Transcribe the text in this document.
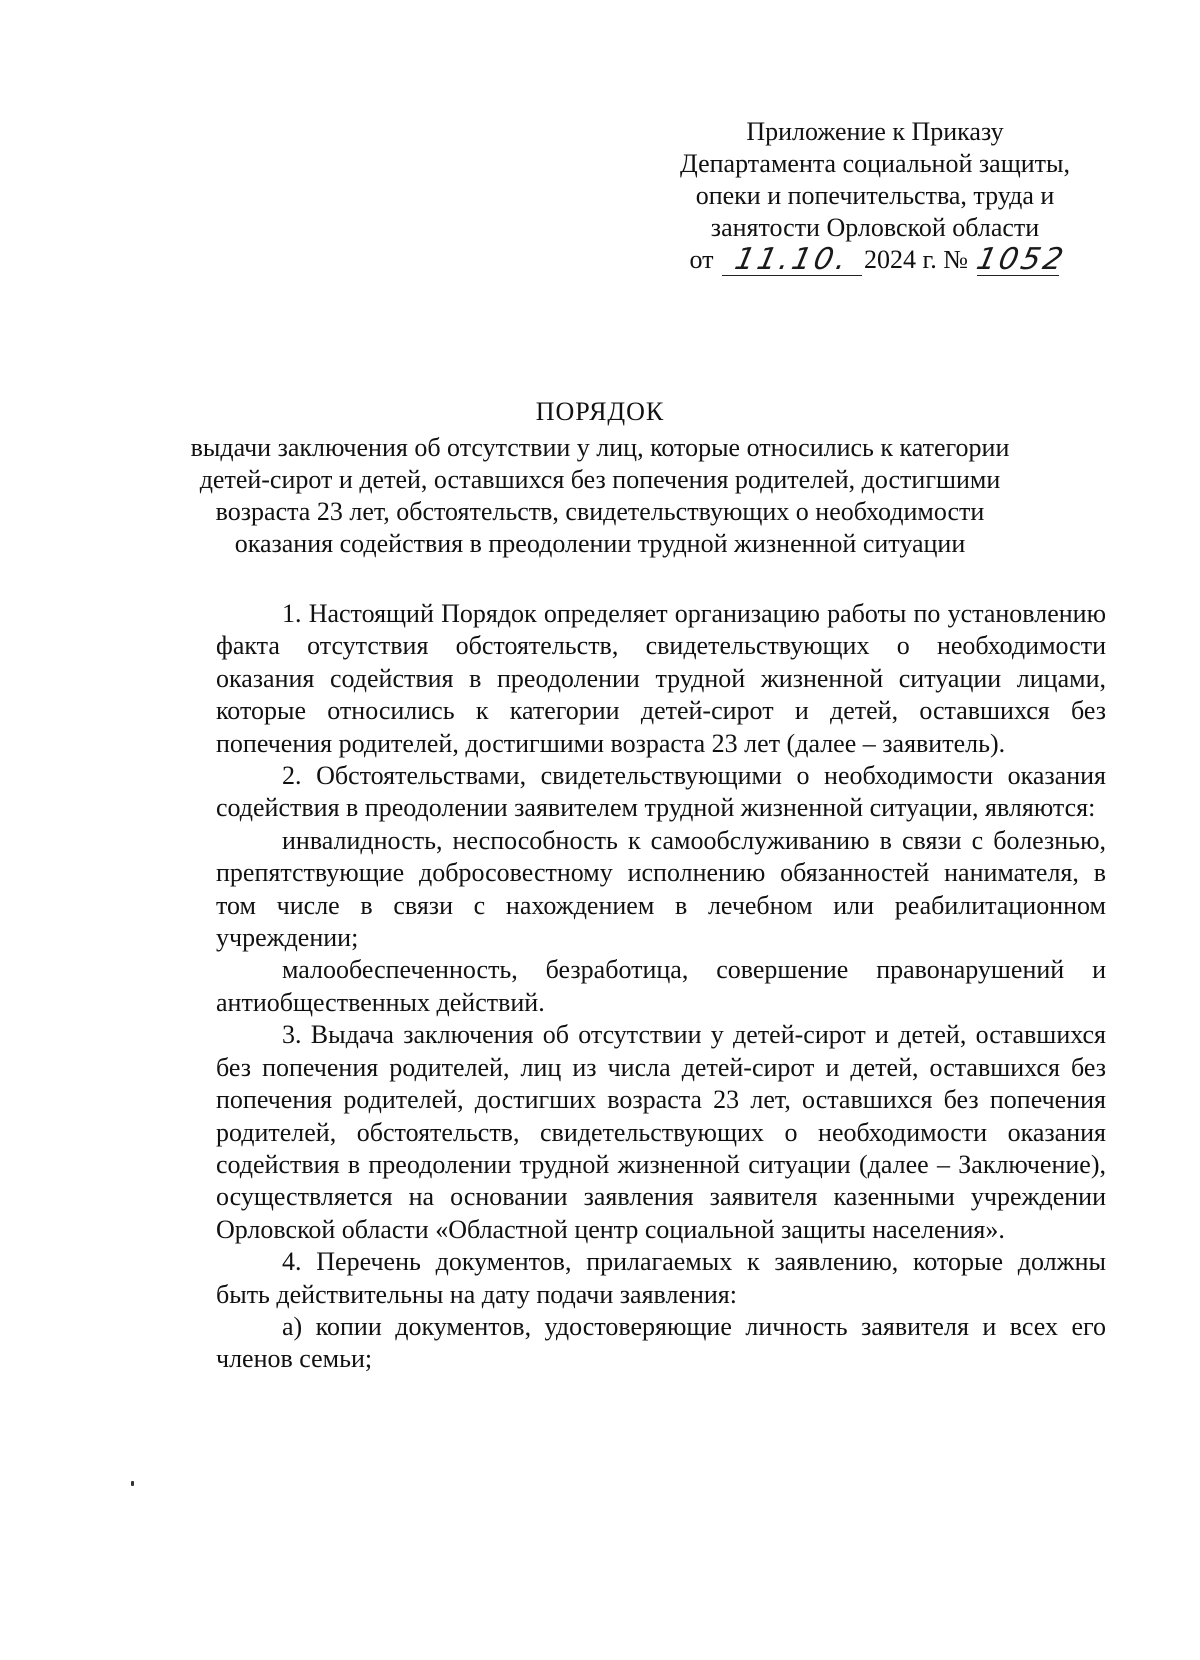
Приложение к Приказу
Департамента социальной защиты,
опеки и попечительства, труда и
занятости Орловской области
от 11.10. 2024 г. № 1052
ПОРЯДОК
выдачи заключения об отсутствии у лиц, которые относились к категории
детей-сирот и детей, оставшихся без попечения родителей, достигшими
возраста 23 лет, обстоятельств, свидетельствующих о необходимости
оказания содействия в преодолении трудной жизненной ситуации

1. Настоящий Порядок определяет организацию работы по установлению факта отсутствия обстоятельств, свидетельствующих о необходимости оказания содействия в преодолении трудной жизненной ситуации лицами, которые относились к категории детей-сирот и детей, оставшихся без попечения родителей, достигшими возраста 23 лет (далее – заявитель).

2. Обстоятельствами, свидетельствующими о необходимости оказания содействия в преодолении заявителем трудной жизненной ситуации, являются:

инвалидность, неспособность к самообслуживанию в связи с болезнью, препятствующие добросовестному исполнению обязанностей нанимателя, в том числе в связи с нахождением в лечебном или реабилитационном учреждении;

малообеспеченность, безработица, совершение правонарушений и антиобщественных действий.

3. Выдача заключения об отсутствии у детей-сирот и детей, оставшихся без попечения родителей, лиц из числа детей-сирот и детей, оставшихся без попечения родителей, достигших возраста 23 лет, оставшихся без попечения родителей, обстоятельств, свидетельствующих о необходимости оказания содействия в преодолении трудной жизненной ситуации (далее – Заключение), осуществляется на основании заявления заявителя казенными учреждении Орловской области «Областной центр социальной защиты населения».

4. Перечень документов, прилагаемых к заявлению, которые должны быть действительны на дату подачи заявления:

а) копии документов, удостоверяющие личность заявителя и всех его членов семьи;
